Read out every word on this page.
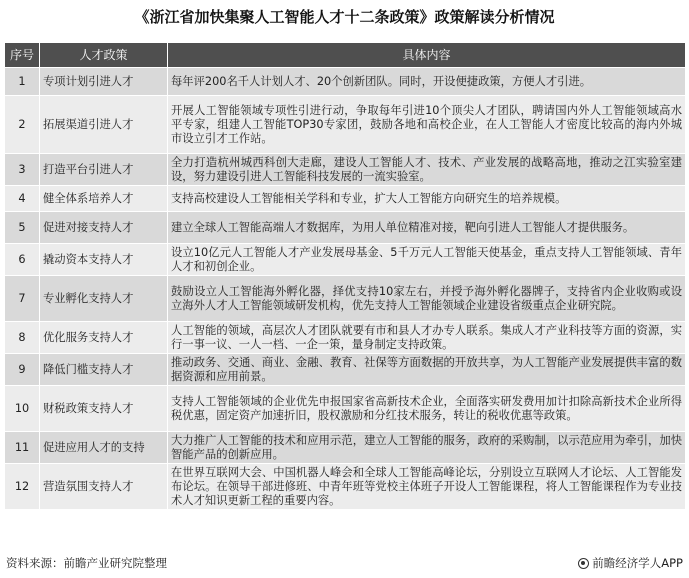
《浙江省加快集聚人工智能人才十二条政策》政策解读分析情况
序号	人才政策	具体内容
1	专项计划引进人才	每年评200名千人计划人才、20个创新团队。同时，开设便捷政策，方便人才引进。
2	拓展渠道引进人才	开展人工智能领域专项性引进行动，争取每年引进10个顶尖人才团队，聘请国内外人工智能领域高水平专家，组建人工智能TOP30专家团，鼓励各地和高校企业，在人工智能人才密度比较高的海内外城市设立引才工作站。
3	打造平台引进人才	全力打造杭州城西科创大走廊，建设人工智能人才、技术、产业发展的战略高地，推动之江实验室建设，努力建设引进人工智能科技发展的一流实验室。
4	健全体系培养人才	支持高校建设人工智能相关学科和专业，扩大人工智能方向研究生的培养规模。
5	促进对接支持人才	建立全球人工智能高端人才数据库，为用人单位精准对接，靶向引进人工智能人才提供服务。
6	撬动资本支持人才	设立10亿元人工智能人才产业发展母基金、5千万元人工智能天使基金，重点支持人工智能领域、青年人才和初创企业。
7	专业孵化支持人才	鼓励设立人工智能海外孵化器，择优支持10家左右，并授予海外孵化器牌子，支持省内企业收购或设立海外人才人工智能领域研发机构，优先支持人工智能领域企业建设省级重点企业研究院。
8	优化服务支持人才	人工智能的领域，高层次人才团队就要有市和县人才办专人联系。集成人才产业科技等方面的资源，实行一事一议、一人一档、一企一策，量身制定支持政策。
9	降低门槛支持人才	推动政务、交通、商业、金融、教育、社保等方面数据的开放共享，为人工智能产业发展提供丰富的数据资源和应用前景。
10	财税政策支持人才	支持人工智能领域的企业优先申报国家省高新技术企业，全面落实研发费用加计扣除高新技术企业所得税优惠，固定资产加速折旧，股权激励和分红技术服务，转让的税收优惠等政策。
11	促进应用人才的支持	大力推广人工智能的技术和应用示范，建立人工智能的服务，政府的采购制，以示范应用为牵引，加快智能产品的创新应用。
12	营造氛围支持人才	在世界互联网大会、中国机器人峰会和全球人工智能高峰论坛，分别设立互联网人才论坛、人工智能发布论坛。在领导干部进修班、中青年班等党校主体班子开设人工智能课程，将人工智能课程作为专业技术人才知识更新工程的重要内容。
资料来源：前瞻产业研究院整理	前瞻经济学人APP
